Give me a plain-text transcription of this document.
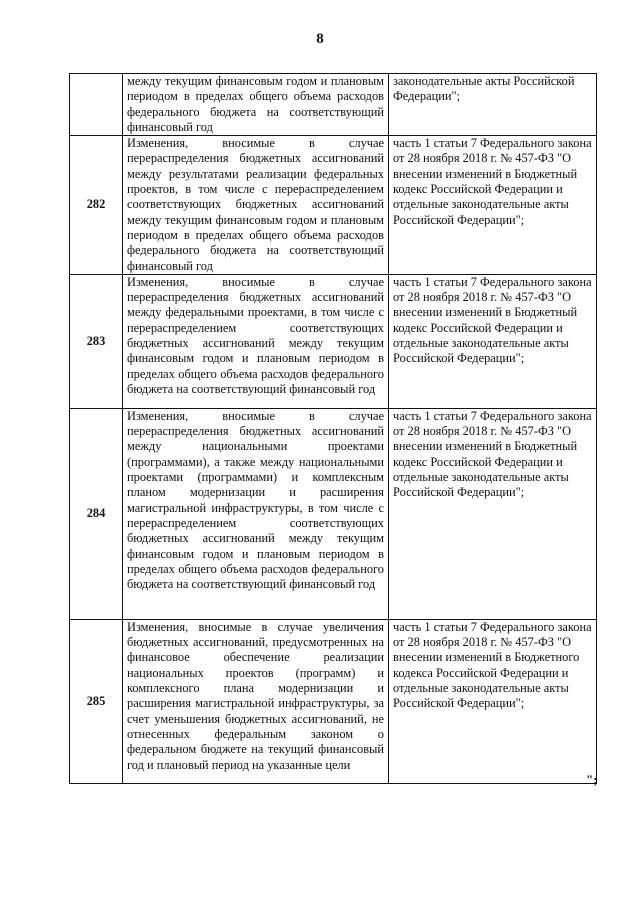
8
	между текущим финансовым годом и плановым периодом в пределах общего объема расходов федерального бюджета на соответствующий финансовый год	законодательные акты Российской Федерации";
282	Изменения, вносимые в случае перераспределения бюджетных ассигнований между результатами реализации федеральных проектов, в том числе с перераспределением соответствующих бюджетных ассигнований между текущим финансовым годом и плановым периодом в пределах общего объема расходов федерального бюджета на соответствующий финансовый год	часть 1 статьи 7 Федерального закона от 28 ноября 2018 г. № 457-ФЗ "О внесении изменений в Бюджетный кодекс Российской Федерации и отдельные законодательные акты Российской Федерации";
283	Изменения, вносимые в случае перераспределения бюджетных ассигнований между федеральными проектами, в том числе с перераспределением соответствующих бюджетных ассигнований между текущим финансовым годом и плановым периодом в пределах общего объема расходов федерального бюджета на соответствующий финансовый год	часть 1 статьи 7 Федерального закона от 28 ноября 2018 г. № 457-ФЗ "О внесении изменений в Бюджетный кодекс Российской Федерации и отдельные законодательные акты Российской Федерации";
284	Изменения, вносимые в случае перераспределения бюджетных ассигнований между национальными проектами (программами), а также между национальными проектами (программами) и комплексным планом модернизации и расширения магистральной инфраструктуры, в том числе с перераспределением соответствующих бюджетных ассигнований между текущим финансовым годом и плановым периодом в пределах общего объема расходов федерального бюджета на соответствующий финансовый год	часть 1 статьи 7 Федерального закона от 28 ноября 2018 г. № 457-ФЗ "О внесении изменений в Бюджетный кодекс Российской Федерации и отдельные законодательные акты Российской Федерации";
285	Изменения, вносимые в случае увеличения бюджетных ассигнований, предусмотренных на финансовое обеспечение реализации национальных проектов (программ) и комплексного плана модернизации и расширения магистральной инфраструктуры, за счет уменьшения бюджетных ассигнований, не отнесенных федеральным законом о федеральном бюджете на текущий финансовый год и плановый период на указанные цели	часть 1 статьи 7 Федерального закона от 28 ноября 2018 г. № 457-ФЗ "О внесении изменений в Бюджетного кодекса Российской Федерации и отдельные законодательные акты Российской Федерации";
";
